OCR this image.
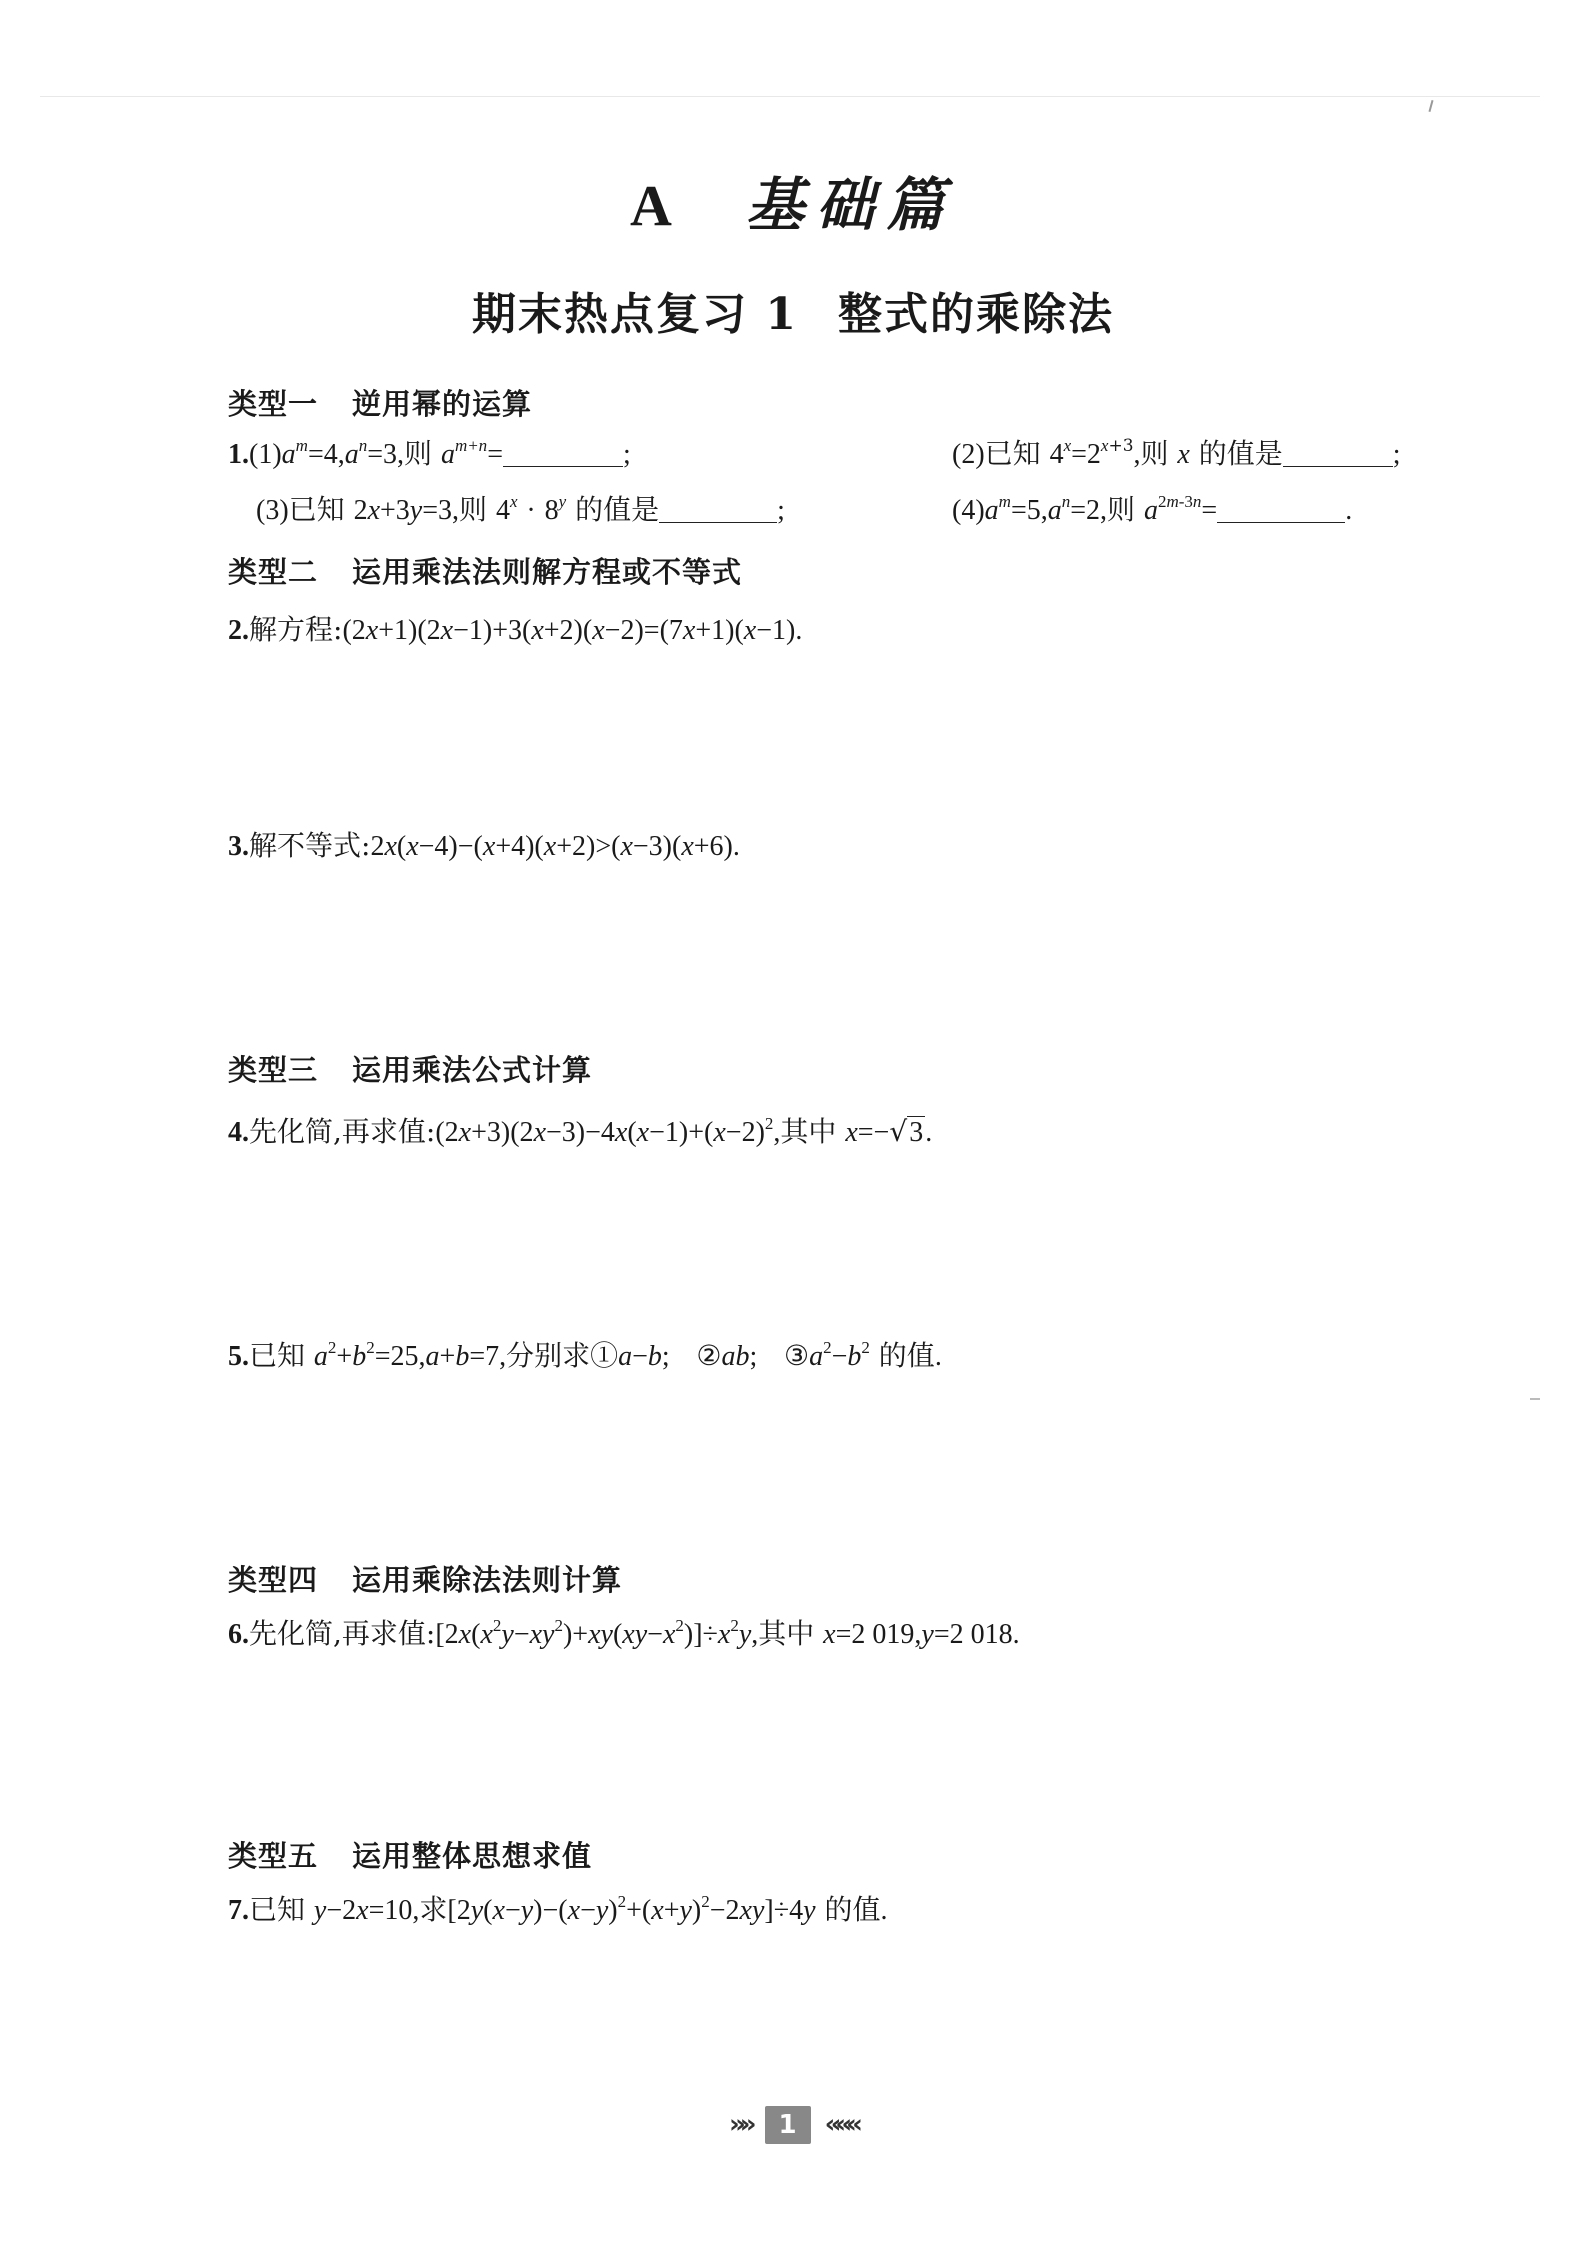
A 基础篇
期末热点复习 1 整式的乘除法
类型一 逆用幂的运算
$1.(1)a^m=4,a^n=3$,则 $a^{m+n}=$	;	(2)已知 $4^x=2^{x+3}$,则 x 的值是	;
(3)已知 2x+3y=3,则 $4^x \cdot 8^y$ 的值是	;	$(4)a^m=5,a^n=2$,则 $a^{2m-3n}=$	.
类型二 运用乘法法则解方程或不等式
2.解方程:(2x+1)(2x−1)+3(x+2)(x−2)=(7x+1)(x−1).
3.解不等式:2x(x−4)−(x+4)(x+2)>(x−3)(x+6).
类型三 运用乘法公式计算
4.先化简,再求值$:(2x+3)(2x-3)-4x(x-1)+(x-2)^2$,其中 x=−√3.
5.已知 $a^2+b^2=25,a+b=7$,分别求①a−b;   ②ab;   $③a^2-b^2$ 的值.
类型四 运用乘除法法则计算
6.先化简,再求值$:[2x(x^2y-xy^2)+xy(xy-x^2)]\div x^2y$,其中 x=2 019,y=2 018.
类型五 运用整体思想求值
7.已知 y−2x=10,求$[2y(x-y)-(x-y)^2+(x+y)^2-2xy]\div 4y$ 的值.
»» 1 «««
